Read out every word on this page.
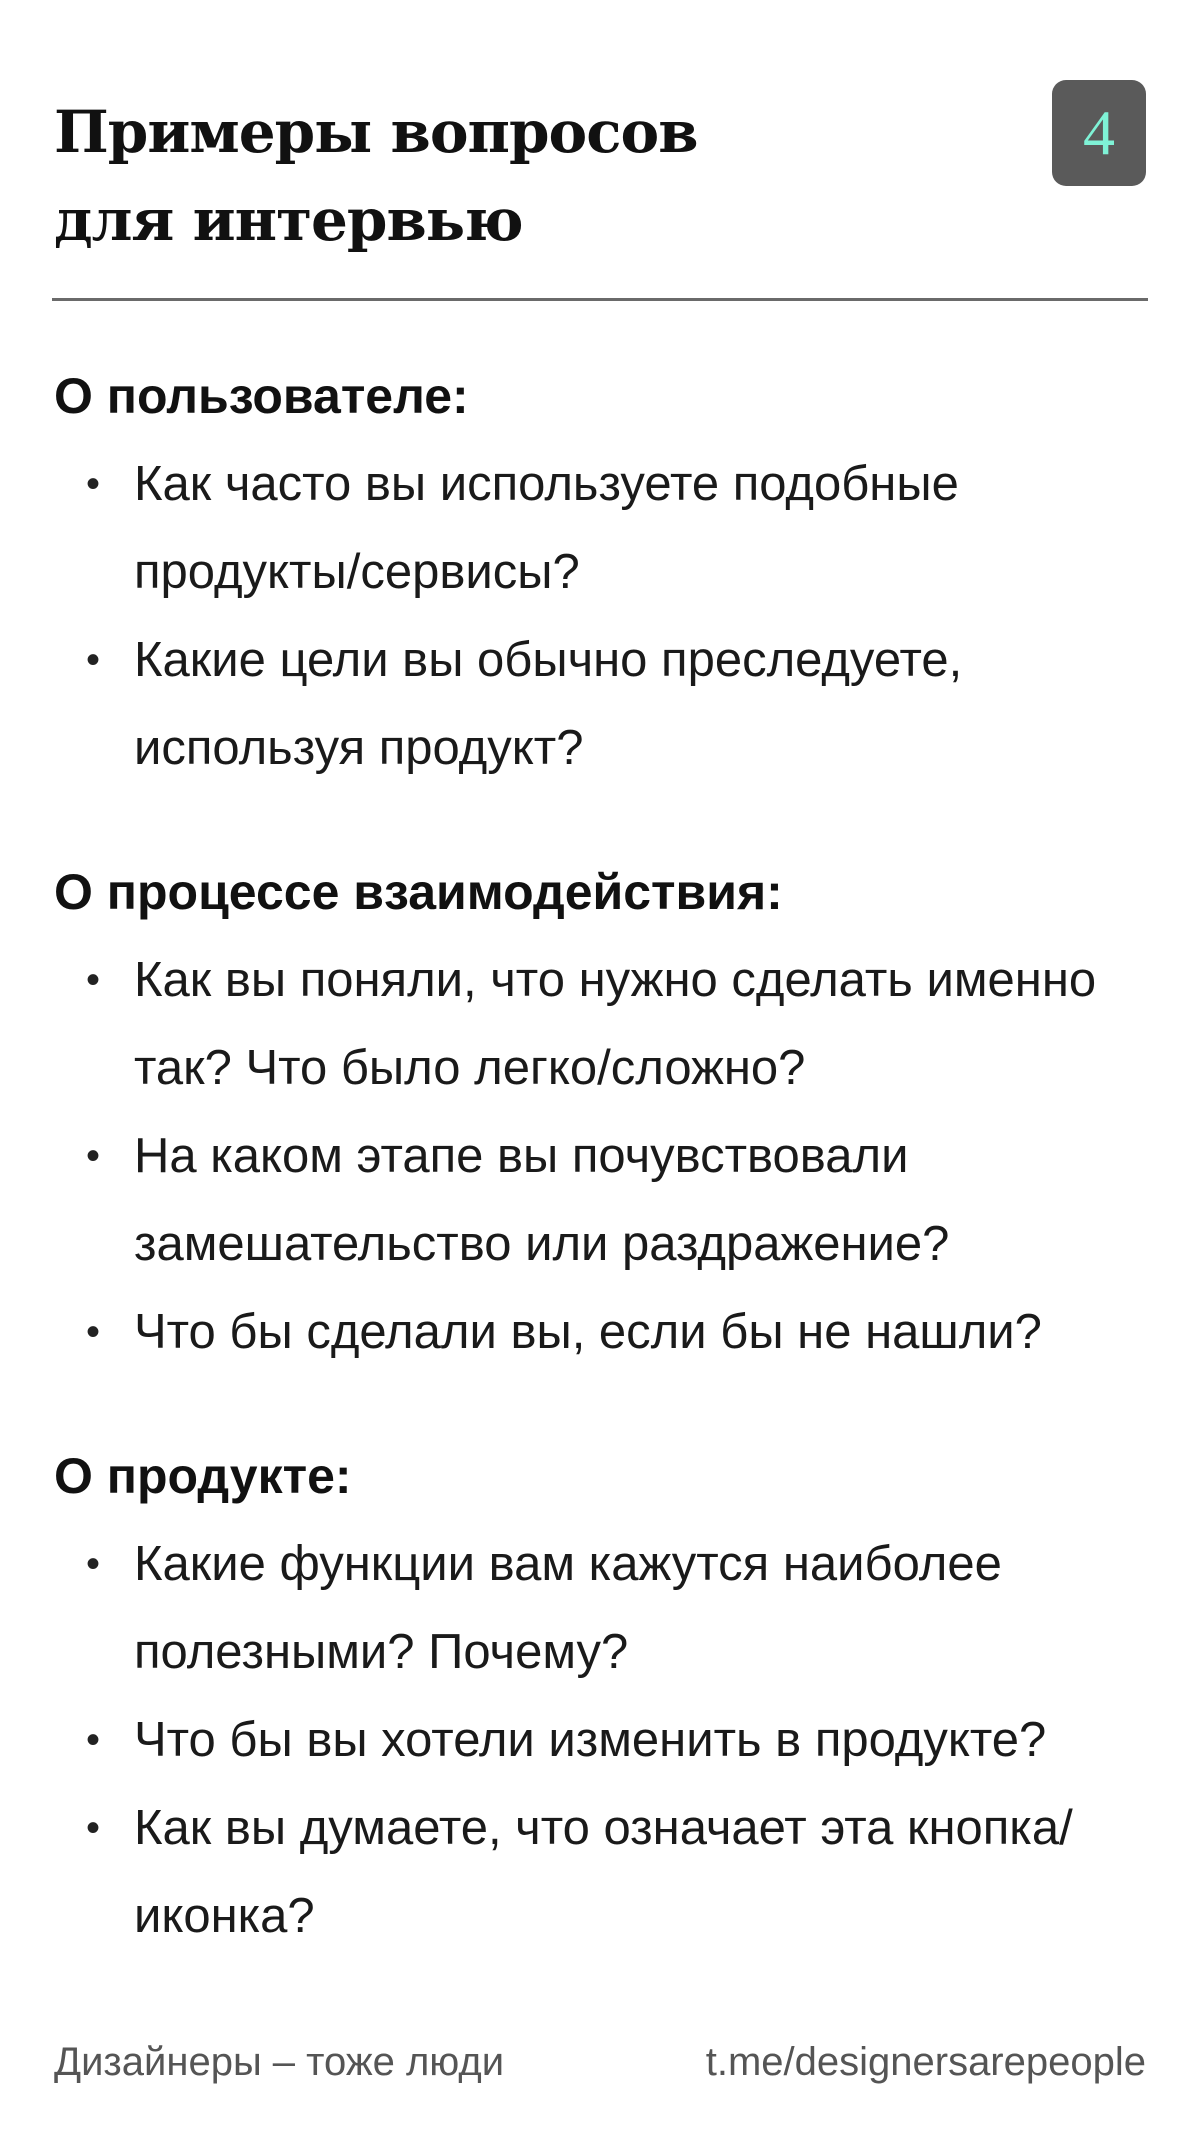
Примеры вопросов
для интервью
4
О пользователе:
• Как часто вы используете подобные продукты/сервисы?
• Какие цели вы обычно преследуете, используя продукт?
О процессе взаимодействия:
• Как вы поняли, что нужно сделать именно так? Что было легко/сложно?
• На каком этапе вы почувствовали замешательство или раздражение?
• Что бы сделали вы, если бы не нашли?
О продукте:
• Какие функции вам кажутся наиболее полезными? Почему?
• Что бы вы хотели изменить в продукте?
• Как вы думаете, что означает эта кнопка/иконка?
Дизайнеры – тоже люди	t.me/designersarepeople
